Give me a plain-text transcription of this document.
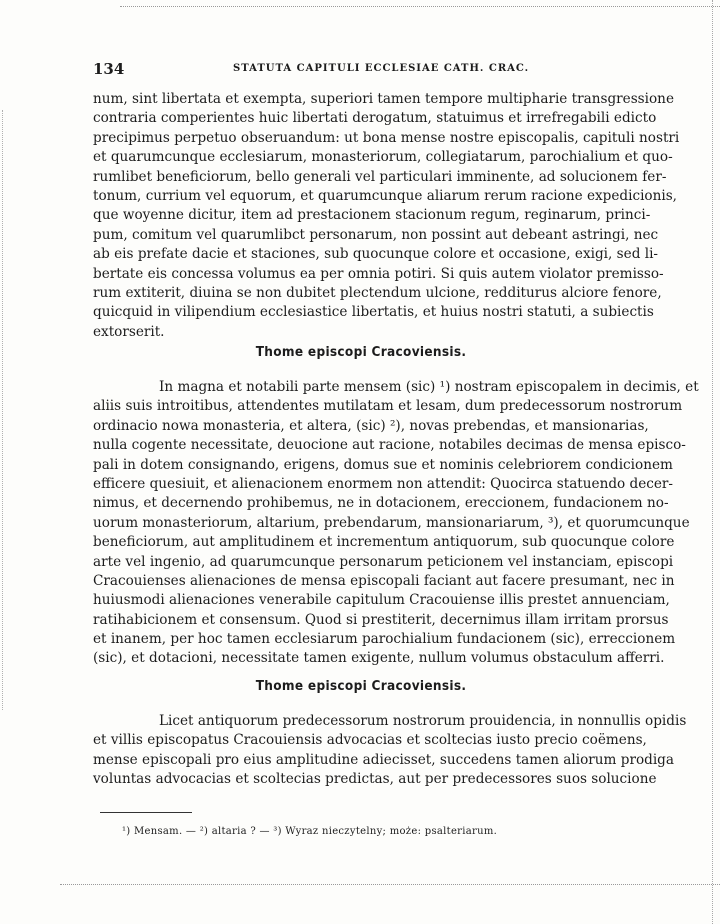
134	STATUTA CAPITULI ECCLESIAE CATH. CRAC.
num, sint libertata et exempta, superiori tamen tempore multipharie transgressione
contraria comperientes huic libertati derogatum, statuimus et irrefregabili edicto
precipimus perpetuo obseruandum: ut bona mense nostre episcopalis, capituli nostri
et quarumcunque ecclesiarum, monasteriorum, collegiatarum, parochialium et quo-
rumlibet beneficiorum, bello generali vel particulari imminente, ad solucionem fer-
tonum, currium vel equorum, et quarumcunque aliarum rerum racione expedicionis,
que woyenne dicitur, item ad prestacionem stacionum regum, reginarum, princi-
pum, comitum vel quarumlibct personarum, non possint aut debeant astringi, nec
ab eis prefate dacie et staciones, sub quocunque colore et occasione, exigi, sed li-
bertate eis concessa volumus ea per omnia potiri. Si quis autem violator premisso-
rum extiterit, diuina se non dubitet plectendum ulcione, redditurus alciore fenore,
quicquid in vilipendium ecclesiastice libertatis, et huius nostri statuti, a subiectis
extorserit.
Thome episcopi Cracoviensis.
In magna et notabili parte mensem (sic) ¹) nostram episcopalem in decimis, et
aliis suis introitibus, attendentes mutilatam et lesam, dum predecessorum nostrorum
ordinacio nowa monasteria, et altera, (sic) ²), novas prebendas, et mansionarias,
nulla cogente necessitate, deuocione aut racione, notabiles decimas de mensa episco-
pali in dotem consignando, erigens, domus sue et nominis celebriorem condicionem
efficere quesiuit, et alienacionem enormem non attendit: Quocirca statuendo decer-
nimus, et decernendo prohibemus, ne in dotacionem, ereccionem, fundacionem no-
uorum monasteriorum, altarium, prebendarum, mansionariarum, ³), et quorumcunque
beneficiorum, aut amplitudinem et incrementum antiquorum, sub quocunque colore
arte vel ingenio, ad quarumcunque personarum peticionem vel instanciam, episcopi
Cracouienses alienaciones de mensa episcopali faciant aut facere presumant, nec in
huiusmodi alienaciones venerabile capitulum Cracouiense illis prestet annuenciam,
ratihabicionem et consensum. Quod si prestiterit, decernimus illam irritam prorsus
et inanem, per hoc tamen ecclesiarum parochialium fundacionem (sic), erreccionem
(sic), et dotacioni, necessitate tamen exigente, nullum volumus obstaculum afferri.
Thome episcopi Cracoviensis.
Licet antiquorum predecessorum nostrorum prouidencia, in nonnullis opidis
et villis episcopatus Cracouiensis advocacias et scoltecias iusto precio coëmens,
mense episcopali pro eius amplitudine adiecisset, succedens tamen aliorum prodiga
voluntas advocacias et scoltecias predictas, aut per predecessores suos solucione
¹) Mensam. — ²) altaria ? — ³) Wyraz nieczytelny; może: psalteriarum.
